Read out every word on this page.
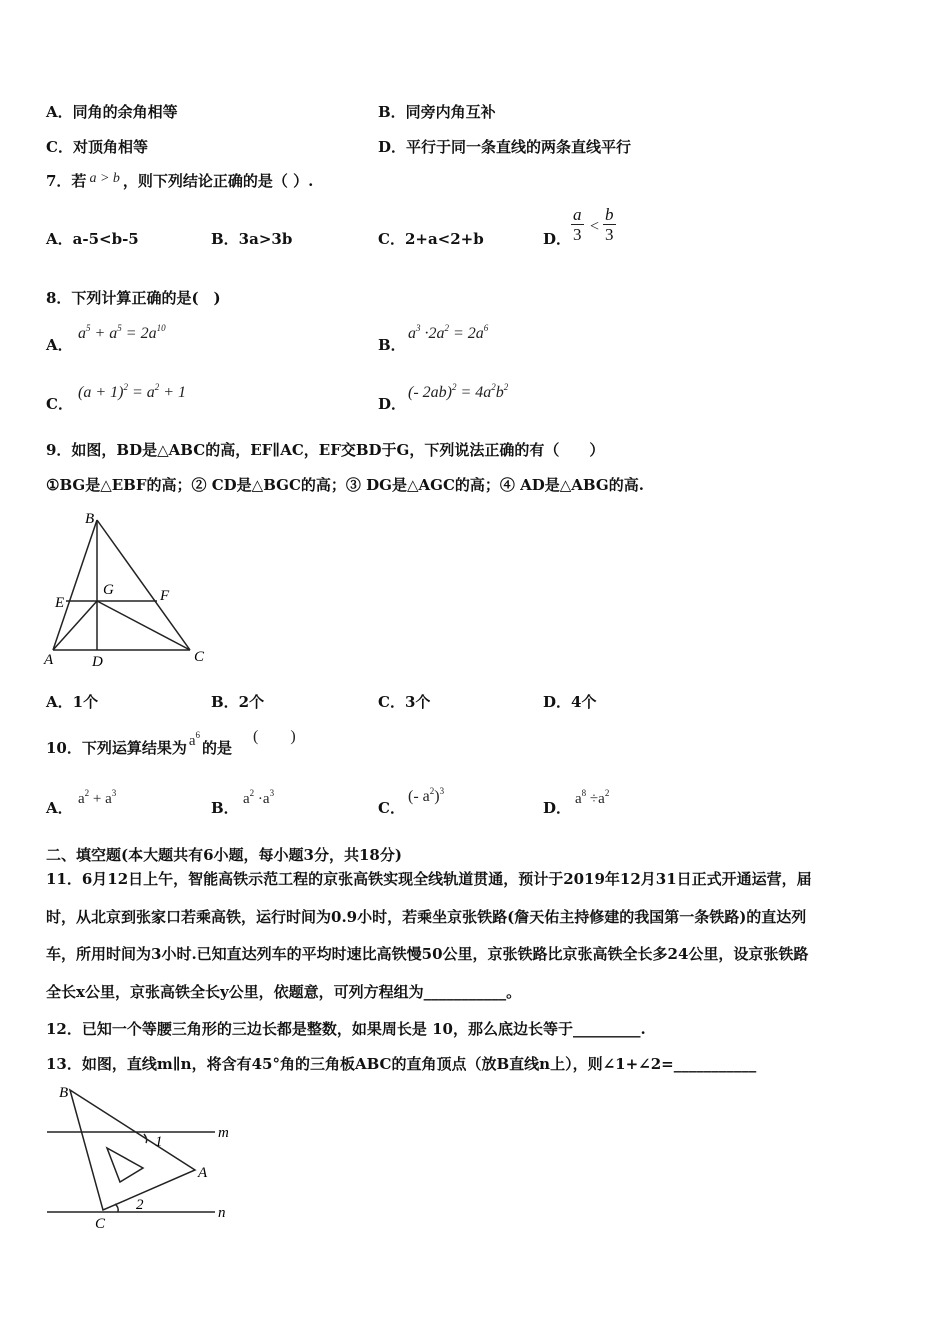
A．同角的余角相等	B．同旁内角互补
C．对顶角相等	D．平行于同一条直线的两条直线平行
7．若 a > b ，则下列结论正确的是（ ）.
A．a-5<b-5	B．3a>3b	C．2+a<2+b	D． $\frac{a}{3} < \frac{b}{3}$
8．下列计算正确的是(　)
A．
$a^5 + a^5 = 2a^{10}$
B．
$a^3 \cdot 2a^2 = 2a^6$
C．
$(a + 1)^2 = a^2 + 1$
D．
(- $2ab)^2 = 4a^2b^2$
9．如图，BD是△ABC的高，EF∥AC，EF交BD于G，下列说法正确的有（　　）
①BG是△EBF的高；② CD是△BGC的高；③ DG是△AGC的高；④ AD是△ABG的高.
B
E
G	F
A	D	C
A．1个	B．2个	C．3个	D．4个
10．下列运算结果为 $a^6$的是
(　　)
A． $a^2 + a^3$
B． $a^2 \cdot a^3$
C．
(- $a^2)^3$
D． $a^8 \div a^2$
二、填空题(本大题共有6小题，每小题3分，共18分)
11．6月12日上午，智能高铁示范工程的京张高铁实现全线轨道贯通，预计于2019年12月31日正式开通运营，届
时，从北京到张家口若乘高铁，运行时间为0.9小时，若乘坐京张铁路(詹天佑主持修建的我国第一条铁路)的直达列
车，所用时间为3小时.已知直达列车的平均时速比高铁慢50公里，京张铁路比京张高铁全长多24公里，设京张铁路
全长x公里，京张高铁全长y公里，依题意，可列方程组为___________。
12．已知一个等腰三角形的三边长都是整数，如果周长是 10，那么底边长等于_________.
13．如图，直线m∥n，将含有45°角的三角板ABC的直角顶点（放B直线n上），则∠1+∠2=___________
B
m
1
A
2
C
n
